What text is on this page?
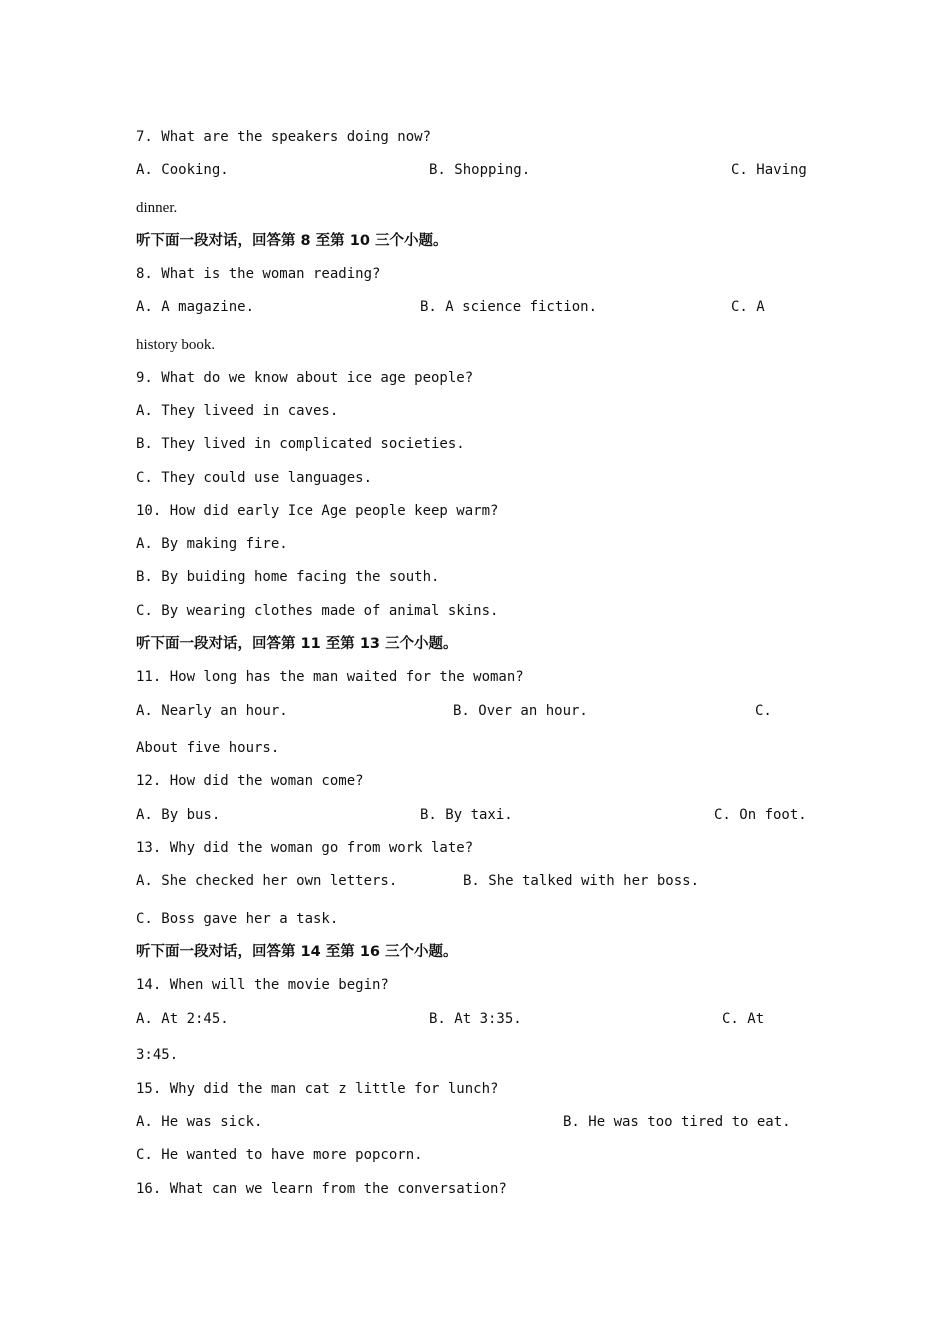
7. What are the speakers doing now?
A. Cooking.	B. Shopping.	C. Having
dinner.
听下面一段对话，回答第 8 至第 10 三个小题。
8. What is the woman reading?
A. A magazine.	B. A science fiction.	C. A
history book.
9. What do we know about ice age people?
A. They liveed in caves.
B. They lived in complicated societies.
C. They could use languages.
10. How did early Ice Age people keep warm?
A. By making fire.
B. By buiding home facing the south.
C. By wearing clothes made of animal skins.
听下面一段对话，回答第 11 至第 13 三个小题。
11. How long has the man waited for the woman?
A. Nearly an hour.	B. Over an hour.	C.
About five hours.
12. How did the woman come?
A. By bus.	B. By taxi.	C. On foot.
13. Why did the woman go from work late?
A. She checked her own letters.	B. She talked with her boss.
C. Boss gave her a task.
听下面一段对话，回答第 14 至第 16 三个小题。
14. When will the movie begin?
A. At 2:45.	B. At 3:35.	C. At
3:45.
15. Why did the man cat z little for lunch?
A. He was sick.	B. He was too tired to eat.
C. He wanted to have more popcorn.
16. What can we learn from the conversation?
